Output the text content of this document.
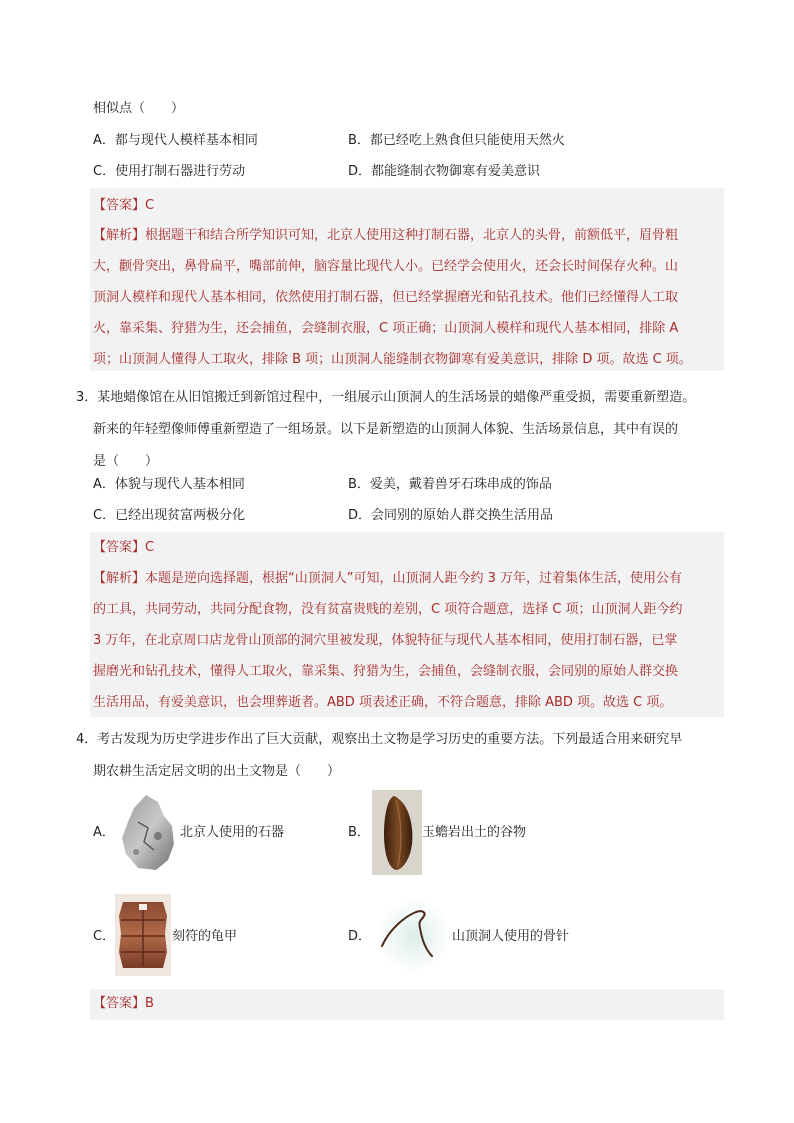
相似点（　　）
A．都与现代人模样基本相同	B．都已经吃上熟食但只能使用天然火
C．使用打制石器进行劳动	D．都能缝制衣物御寒有爱美意识
【答案】C
【解析】根据题干和结合所学知识可知，北京人使用这种打制石器，北京人的头骨，前额低平，眉骨粗
大，颧骨突出，鼻骨扁平，嘴部前伸，脑容量比现代人小。已经学会使用火，还会长时间保存火种。山
顶洞人模样和现代人基本相同，依然使用打制石器，但已经掌握磨光和钻孔技术。他们已经懂得人工取
火，靠采集、狩猎为生，还会捕鱼，会缝制衣服，C 项正确；山顶洞人模样和现代人基本相同，排除 A
项；山顶洞人懂得人工取火，排除 B 项；山顶洞人能缝制衣物御寒有爱美意识，排除 D 项。故选 C 项。
3．某地蜡像馆在从旧馆搬迁到新馆过程中，一组展示山顶洞人的生活场景的蜡像严重受损，需要重新塑造。
新来的年轻塑像师傅重新塑造了一组场景。以下是新塑造的山顶洞人体貌、生活场景信息，其中有误的
是（　　）
A．体貌与现代人基本相同	B．爱美，戴着兽牙石珠串成的饰品
C．已经出现贫富两极分化	D．会同别的原始人群交换生活用品
【答案】C
【解析】本题是逆向选择题，根据“山顶洞人”可知，山顶洞人距今约 3 万年，过着集体生活，使用公有
的工具，共同劳动，共同分配食物，没有贫富贵贱的差别，C 项符合题意，选择 C 项；山顶洞人距今约
3 万年，在北京周口店龙骨山顶部的洞穴里被发现，体貌特征与现代人基本相同，使用打制石器，已掌
握磨光和钻孔技术，懂得人工取火，靠采集、狩猎为生，会捕鱼，会缝制衣服，会同别的原始人群交换
生活用品，有爱美意识，也会埋葬逝者。ABD 项表述正确，不符合题意，排除 ABD 项。故选 C 项。
4．考古发现为历史学进步作出了巨大贡献，观察出土文物是学习历史的重要方法。下列最适合用来研究早
期农耕生活定居文明的出土文物是（　　）
A．	北京人使用的石器	B．	玉蟾岩出土的谷物
C．	刻符的龟甲	D．	山顶洞人使用的骨针
【答案】B
